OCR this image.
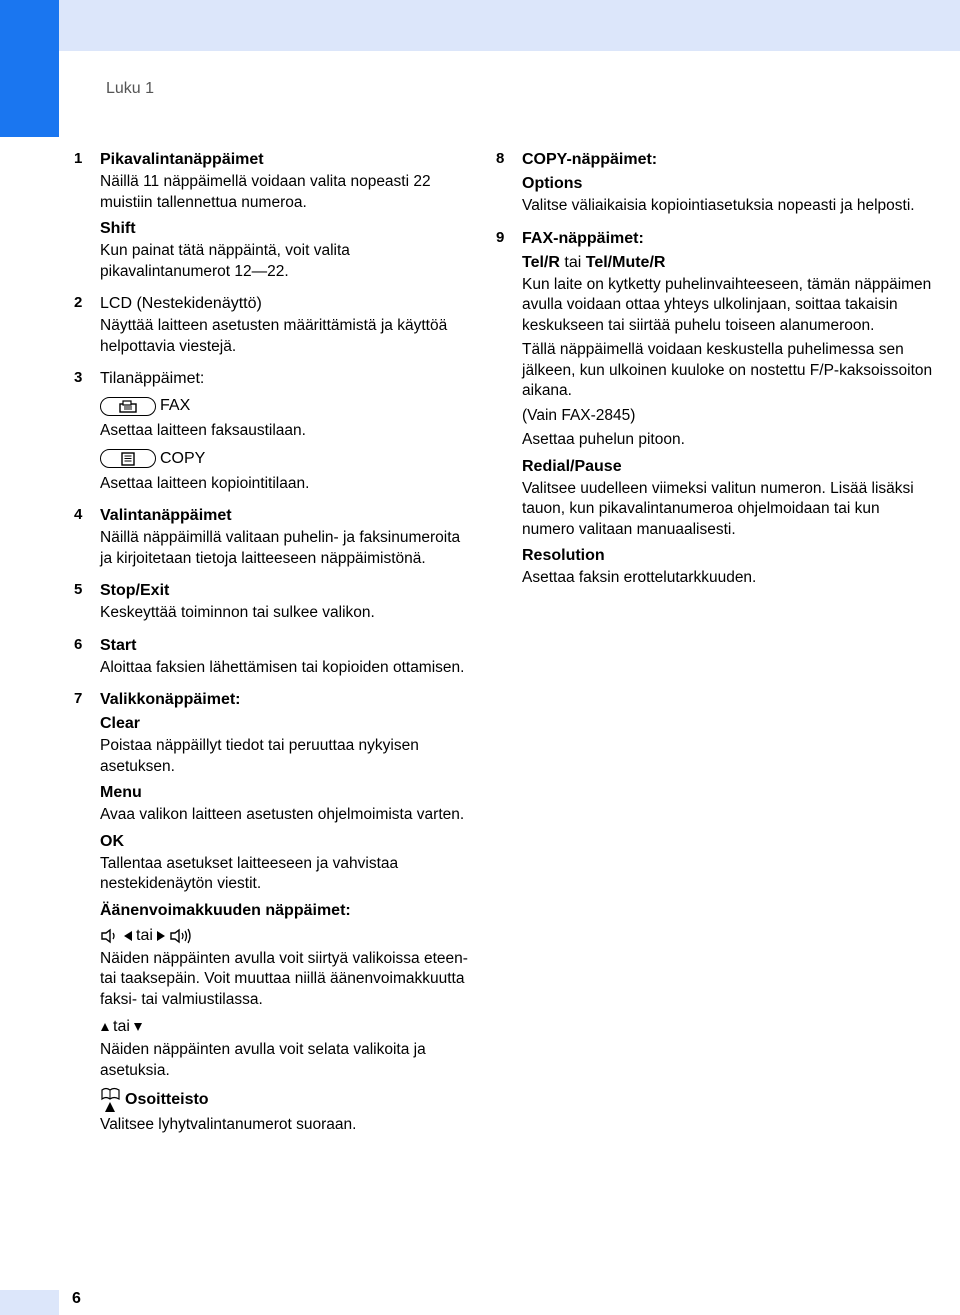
Luku 1
1	Pikavalintanäppäimet
Näillä 11 näppäimellä voidaan valita nopeasti 22 muistiin tallennettua numeroa.
Shift
Kun painat tätä näppäintä, voit valita pikavalintanumerot 12—22.
2	LCD (Nestekidenäyttö)
Näyttää laitteen asetusten määrittämistä ja käyttöä helpottavia viestejä.
3	Tilanäppäimet:
FAX
Asettaa laitteen faksaustilaan.
COPY
Asettaa laitteen kopiointitilaan.
4	Valintanäppäimet
Näillä näppäimillä valitaan puhelin- ja faksinumeroita ja kirjoitetaan tietoja laitteeseen näppäimistönä.
5	Stop/Exit
Keskeyttää toiminnon tai sulkee valikon.
6	Start
Aloittaa faksien lähettämisen tai kopioiden ottamisen.
7	Valikkonäppäimet:
Clear
Poistaa näppäillyt tiedot tai peruuttaa nykyisen asetuksen.
Menu
Avaa valikon laitteen asetusten ohjelmoimista varten.
OK
Tallentaa asetukset laitteeseen ja vahvistaa nestekidenäytön viestit.
Äänenvoimakkuuden näppäimet:
tai
Näiden näppäinten avulla voit siirtyä valikoissa eteen- tai taaksepäin. Voit muuttaa niillä äänenvoimakkuutta faksi- tai valmiustilassa.
tai
Näiden näppäinten avulla voit selata valikoita ja asetuksia.
Osoitteisto
Valitsee lyhytvalintanumerot suoraan.
8	COPY-näppäimet:
Options
Valitse väliaikaisia kopiointiasetuksia nopeasti ja helposti.
9	FAX-näppäimet:
Tel/R tai Tel/Mute/R
Kun laite on kytketty puhelinvaihteeseen, tämän näppäimen avulla voidaan ottaa yhteys ulkolinjaan, soittaa takaisin keskukseen tai siirtää puhelu toiseen alanumeroon.
Tällä näppäimellä voidaan keskustella puhelimessa sen jälkeen, kun ulkoinen kuuloke on nostettu F/P-kaksoissoiton aikana.
(Vain FAX-2845)
Asettaa puhelun pitoon.
Redial/Pause
Valitsee uudelleen viimeksi valitun numeron. Lisää lisäksi tauon, kun pikavalintanumeroa ohjelmoidaan tai kun numero valitaan manuaalisesti.
Resolution
Asettaa faksin erottelutarkkuuden.
6
